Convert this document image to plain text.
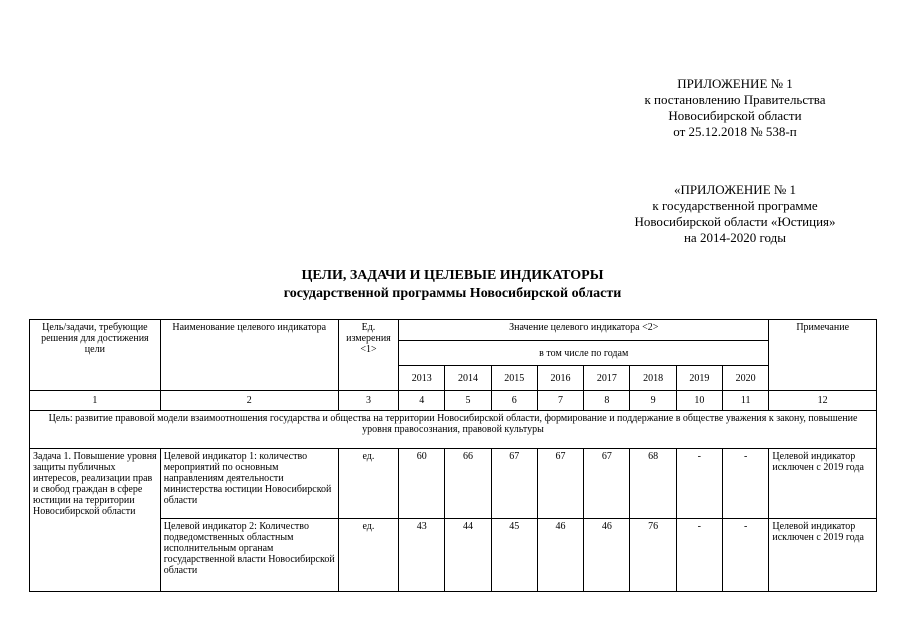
ПРИЛОЖЕНИЕ № 1
к постановлению Правительства
Новосибирской области
от 25.12.2018 № 538-п
«ПРИЛОЖЕНИЕ № 1
к государственной программе
Новосибирской области «Юстиция»
на 2014-2020 годы
ЦЕЛИ, ЗАДАЧИ И ЦЕЛЕВЫЕ ИНДИКАТОРЫ
государственной программы Новосибирской области
Цель/задачи, требующие решения для достижения цели	Наименование целевого индикатора	Ед. измерения <1>	Значение целевого индикатора <2>								Примечание
			в том числе по годам								
			2013	2014	2015	2016	2017	2018	2019	2020	
1	2	3	4	5	6	7	8	9	10	11	12
Цель: развитие правовой модели взаимоотношения государства и общества на территории Новосибирской области, формирование и поддержание в обществе уважения к закону, повышение уровня правосознания, правовой культуры											
Задача 1. Повышение уровня защиты публичных интересов, реализации прав и свобод граждан в сфере юстиции на территории Новосибирской области	Целевой индикатор 1: количество мероприятий по основным направлениям деятельности министерства юстиции Новосибирской области	ед.	60	66	67	67	67	68	-	-	Целевой индикатор исключен с 2019 года
	Целевой индикатор 2: Количество подведомственных областным исполнительным органам государственной власти Новосибирской области	ед.	43	44	45	46	46	76	-	-	Целевой индикатор исключен с 2019 года
